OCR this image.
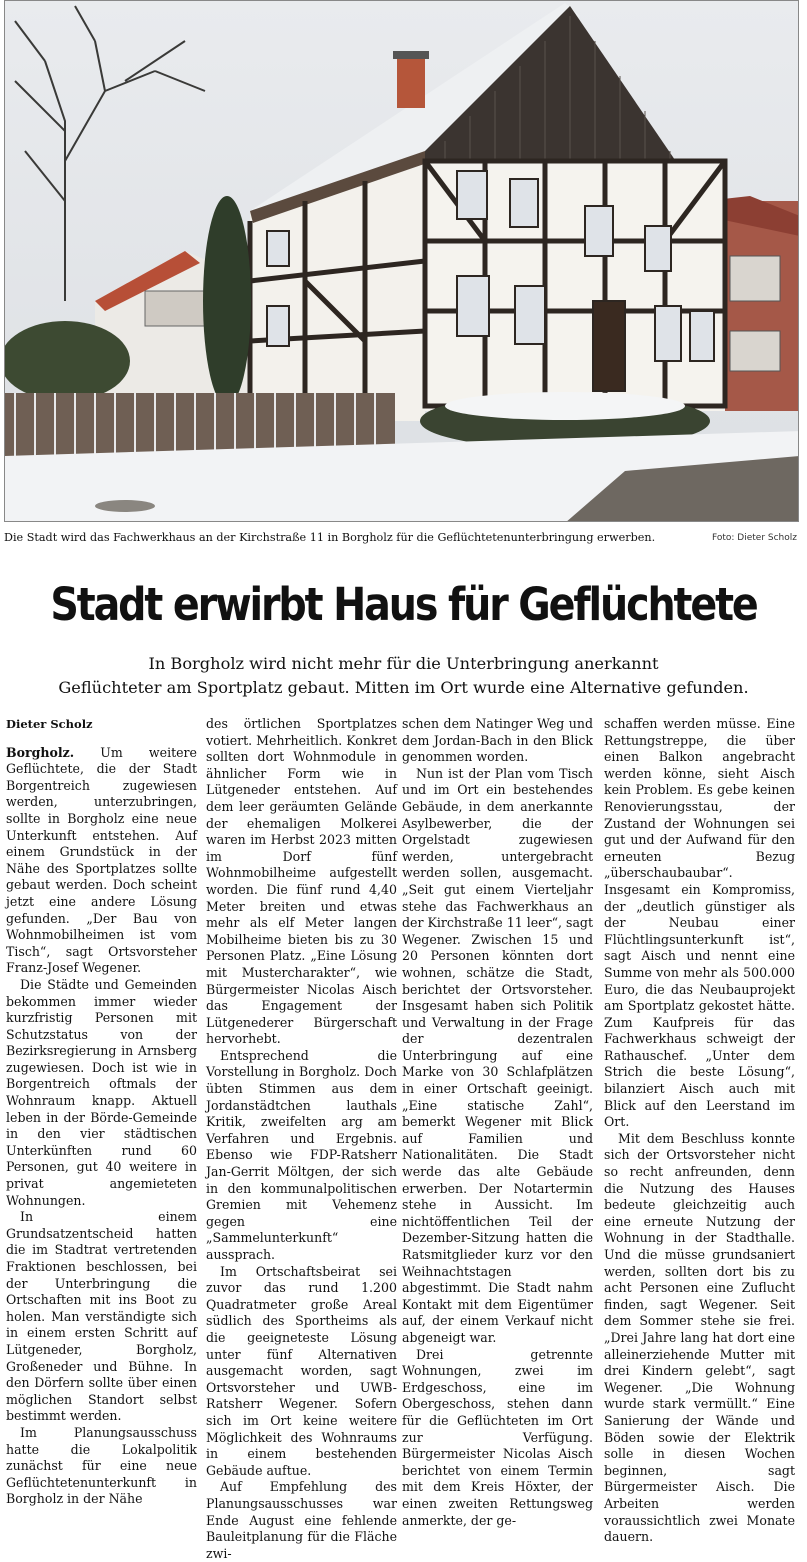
Die Stadt wird das Fachwerkhaus an der Kirchstraße 11 in Borgholz für die Geflüchtetenunterbringung erwerben.	Foto: Dieter Scholz
Stadt erwirbt Haus für Geflüchtete
In Borgholz wird nicht mehr für die Unterbringung anerkannt
Geflüchteter am Sportplatz gebaut. Mitten im Ort wurde eine Alternative gefunden.

Dieter Scholz

Borgholz. Um weitere Geflüchtete, die der Stadt Borgentreich zugewiesen werden, unterzubringen, sollte in Borgholz eine neue Unterkunft entstehen. Auf einem Grundstück in der Nähe des Sportplatzes sollte gebaut werden. Doch scheint jetzt eine andere Lösung gefunden. „Der Bau von Wohnmobilheimen ist vom Tisch“, sagt Ortsvorsteher Franz-Josef Wegener.

Die Städte und Gemeinden bekommen immer wieder kurzfristig Personen mit Schutzstatus von der Bezirksregierung in Arnsberg zugewiesen. Doch ist wie in Borgentreich oftmals der Wohnraum knapp. Aktuell leben in der Börde-Gemeinde in den vier städtischen Unterkünften rund 60 Personen, gut 40 weitere in privat angemieteten Wohnungen.

In einem Grundsatzentscheid hatten die im Stadtrat vertretenden Fraktionen beschlossen, bei der Unterbringung die Ortschaften mit ins Boot zu holen. Man verständigte sich in einem ersten Schritt auf Lütgeneder, Borgholz, Großeneder und Bühne. In den Dörfern sollte über einen möglichen Standort selbst bestimmt werden.

Im Planungsausschuss hatte die Lokalpolitik zunächst für eine neue Geflüchtetenunterkunft in Borgholz in der Nähe

des örtlichen Sportplatzes votiert. Mehrheitlich. Konkret sollten dort Wohnmodule in ähnlicher Form wie in Lütgeneder entstehen. Auf dem leer geräumten Gelände der ehemaligen Molkerei waren im Herbst 2023 mitten im Dorf fünf Wohnmobilheime aufgestellt worden. Die fünf rund 4,40 Meter breiten und etwas mehr als elf Meter langen Mobilheime bieten bis zu 30 Personen Platz. „Eine Lösung mit Mustercharakter“, wie Bürgermeister Nicolas Aisch das Engagement der Lütgenederer Bürgerschaft hervorhebt.

Entsprechend die Vorstellung in Borgholz. Doch übten Stimmen aus dem Jordanstädtchen lauthals Kritik, zweifelten arg am Verfahren und Ergebnis. Ebenso wie FDP-Ratsherr Jan-Gerrit Möltgen, der sich in den kommunalpolitischen Gremien mit Vehemenz gegen eine „Sammelunterkunft“ aussprach.

Im Ortschaftsbeirat sei zuvor das rund 1.200 Quadratmeter große Areal südlich des Sportheims als die geeigneteste Lösung unter fünf Alternativen ausgemacht worden, sagt Ortsvorsteher und UWB-Ratsherr Wegener. Sofern sich im Ort keine weitere Möglichkeit des Wohnraums in einem bestehenden Gebäude auftue.

Auf Empfehlung des Planungsausschusses war Ende August eine fehlende Bauleitplanung für die Fläche zwi-

schen dem Natinger Weg und dem Jordan-Bach in den Blick genommen worden.

Nun ist der Plan vom Tisch und im Ort ein bestehendes Gebäude, in dem anerkannte Asylbewerber, die der Orgelstadt zugewiesen werden, untergebracht werden sollen, ausgemacht. „Seit gut einem Vierteljahr stehe das Fachwerkhaus an der Kirchstraße 11 leer“, sagt Wegener. Zwischen 15 und 20 Personen könnten dort wohnen, schätze die Stadt, berichtet der Ortsvorsteher. Insgesamt haben sich Politik und Verwaltung in der Frage der dezentralen Unterbringung auf eine Marke von 30 Schlafplätzen in einer Ortschaft geeinigt. „Eine statische Zahl“, bemerkt Wegener mit Blick auf Familien und Nationalitäten. Die Stadt werde das alte Gebäude erwerben. Der Notartermin stehe in Aussicht. Im nichtöffentlichen Teil der Dezember-Sitzung hatten die Ratsmitglieder kurz vor den Weihnachtstagen abgestimmt. Die Stadt nahm Kontakt mit dem Eigentümer auf, der einem Verkauf nicht abgeneigt war.

Drei getrennte Wohnungen, zwei im Erdgeschoss, eine im Obergeschoss, stehen dann für die Geflüchteten im Ort zur Verfügung. Bürgermeister Nicolas Aisch berichtet von einem Termin mit dem Kreis Höxter, der einen zweiten Rettungsweg anmerkte, der ge-

schaffen werden müsse. Eine Rettungstreppe, die über einen Balkon angebracht werden könne, sieht Aisch kein Problem. Es gebe keinen Renovierungsstau, der Zustand der Wohnungen sei gut und der Aufwand für den erneuten Bezug „überschaubaubar“. Insgesamt ein Kompromiss, der „deutlich günstiger als der Neubau einer Flüchtlingsunterkunft ist“, sagt Aisch und nennt eine Summe von mehr als 500.000 Euro, die das Neubauprojekt am Sportplatz gekostet hätte. Zum Kaufpreis für das Fachwerkhaus schweigt der Rathauschef. „Unter dem Strich die beste Lösung“, bilanziert Aisch auch mit Blick auf den Leerstand im Ort.

Mit dem Beschluss konnte sich der Ortsvorsteher nicht so recht anfreunden, denn die Nutzung des Hauses bedeute gleichzeitig auch eine erneute Nutzung der Wohnung in der Stadthalle. Und die müsse grundsaniert werden, sollten dort bis zu acht Personen eine Zuflucht finden, sagt Wegener. Seit dem Sommer stehe sie frei. „Drei Jahre lang hat dort eine alleinerziehende Mutter mit drei Kindern gelebt“, sagt Wegener. „Die Wohnung wurde stark vermüllt.“ Eine Sanierung der Wände und Böden sowie der Elektrik solle in diesen Wochen beginnen, sagt Bürgermeister Aisch. Die Arbeiten werden voraussichtlich zwei Monate dauern.
